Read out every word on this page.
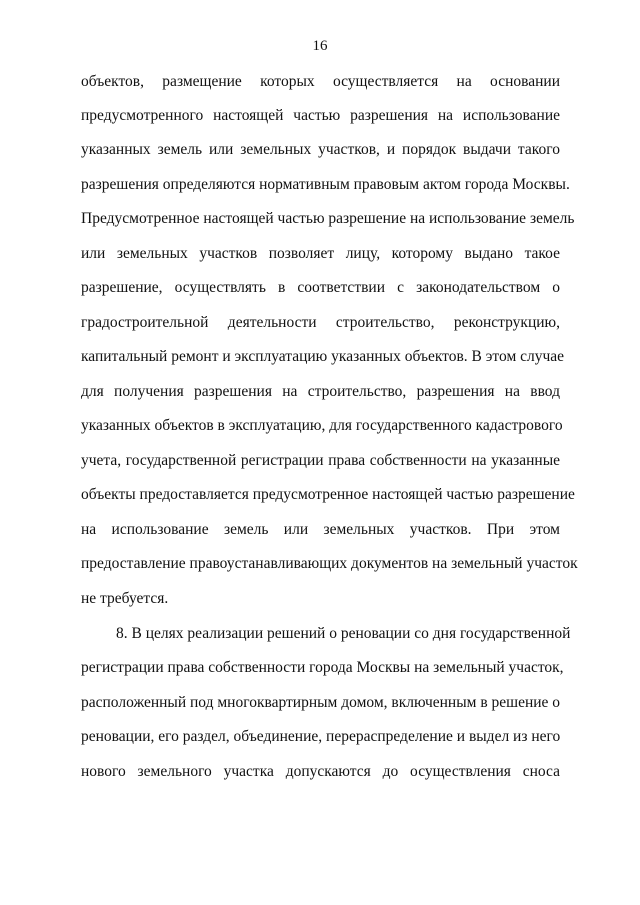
16
объектов, размещение которых осуществляется на основании
предусмотренного настоящей частью разрешения на использование
указанных земель или земельных участков, и порядок выдачи такого
разрешения определяются нормативным правовым актом города Москвы.
Предусмотренное настоящей частью разрешение на использование земель
или земельных участков позволяет лицу, которому выдано такое
разрешение, осуществлять в соответствии с законодательством о
градостроительной деятельности строительство, реконструкцию,
капитальный ремонт и эксплуатацию указанных объектов. В этом случае
для получения разрешения на строительство, разрешения на ввод
указанных объектов в эксплуатацию, для государственного кадастрового
учета, государственной регистрации права собственности на указанные
объекты предоставляется предусмотренное настоящей частью разрешение
на использование земель или земельных участков. При этом
предоставление правоустанавливающих документов на земельный участок
не требуется.
8. В целях реализации решений о реновации со дня государственной
регистрации права собственности города Москвы на земельный участок,
расположенный под многоквартирным домом, включенным в решение о
реновации, его раздел, объединение, перераспределение и выдел из него
нового земельного участка допускаются до осуществления сноса
